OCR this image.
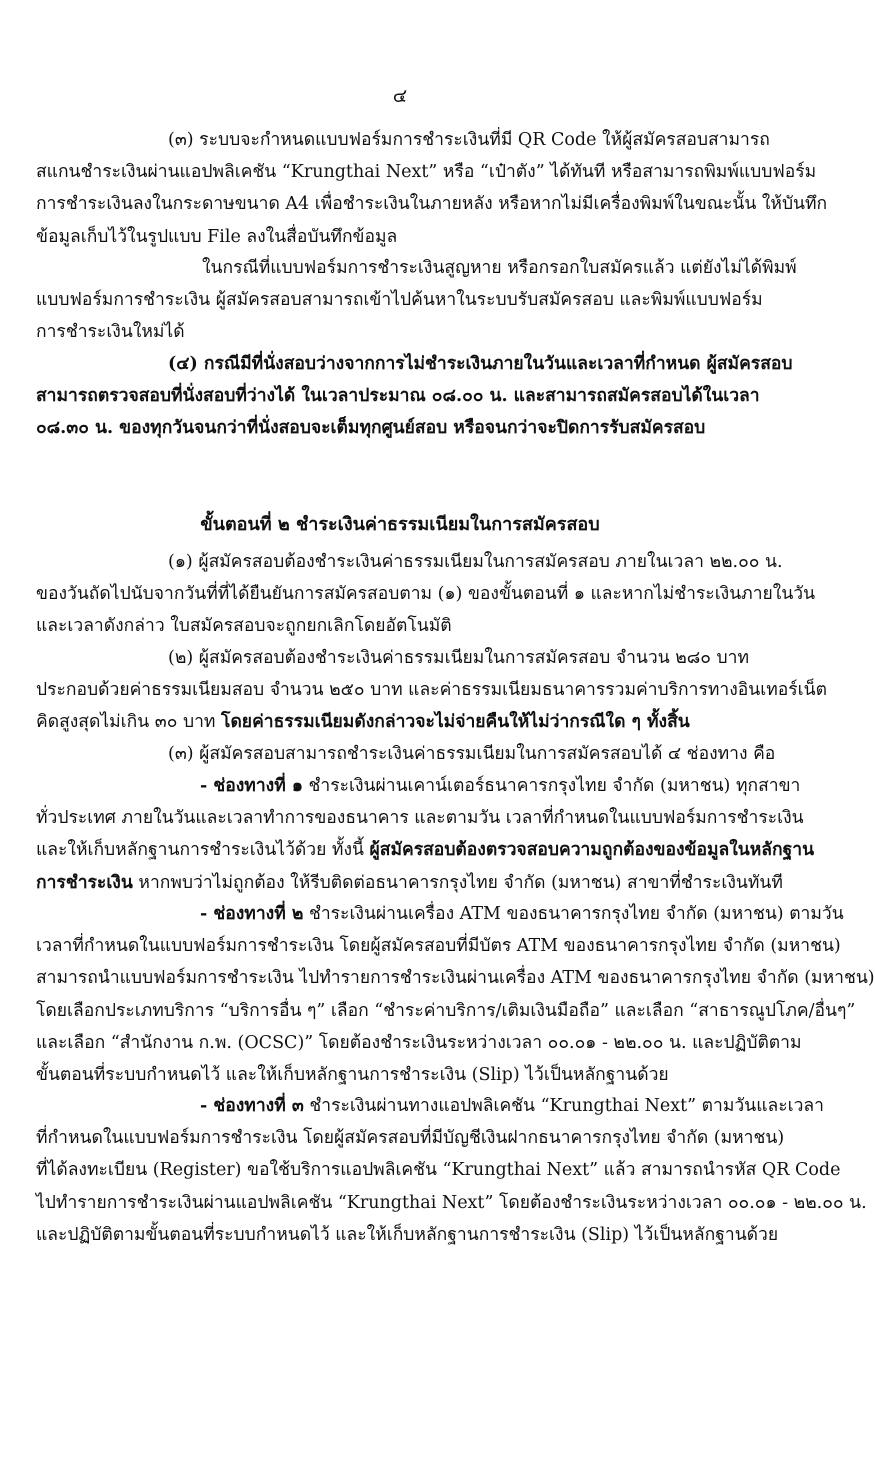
๔
(๓) ระบบจะกำหนดแบบฟอร์มการชำระเงินที่มี QR Code ให้ผู้สมัครสอบสามารถ
สแกนชำระเงินผ่านแอปพลิเคชัน “Krungthai Next” หรือ “เป๋าตัง” ได้ทันที หรือสามารถพิมพ์แบบฟอร์ม
การชำระเงินลงในกระดาษขนาด A4 เพื่อชำระเงินในภายหลัง หรือหากไม่มีเครื่องพิมพ์ในขณะนั้น ให้บันทึก
ข้อมูลเก็บไว้ในรูปแบบ File ลงในสื่อบันทึกข้อมูล
ในกรณีที่แบบฟอร์มการชำระเงินสูญหาย หรือกรอกใบสมัครแล้ว แต่ยังไม่ได้พิมพ์
แบบฟอร์มการชำระเงิน ผู้สมัครสอบสามารถเข้าไปค้นหาในระบบรับสมัครสอบ และพิมพ์แบบฟอร์ม
การชำระเงินใหม่ได้
(๔) กรณีมีที่นั่งสอบว่างจากการไม่ชำระเงินภายในวันและเวลาที่กำหนด ผู้สมัครสอบ
สามารถตรวจสอบที่นั่งสอบที่ว่างได้ ในเวลาประมาณ ๐๘.๐๐ น. และสามารถสมัครสอบได้ในเวลา
๐๘.๓๐ น. ของทุกวันจนกว่าที่นั่งสอบจะเต็มทุกศูนย์สอบ หรือจนกว่าจะปิดการรับสมัครสอบ
ขั้นตอนที่ ๒ ชำระเงินค่าธรรมเนียมในการสมัครสอบ
(๑) ผู้สมัครสอบต้องชำระเงินค่าธรรมเนียมในการสมัครสอบ ภายในเวลา ๒๒.๐๐ น.
ของวันถัดไปนับจากวันที่ที่ได้ยืนยันการสมัครสอบตาม (๑) ของขั้นตอนที่ ๑ และหากไม่ชำระเงินภายในวัน
และเวลาดังกล่าว ใบสมัครสอบจะถูกยกเลิกโดยอัตโนมัติ
(๒) ผู้สมัครสอบต้องชำระเงินค่าธรรมเนียมในการสมัครสอบ จำนวน ๒๘๐ บาท
ประกอบด้วยค่าธรรมเนียมสอบ จำนวน ๒๕๐ บาท และค่าธรรมเนียมธนาคารรวมค่าบริการทางอินเทอร์เน็ต
คิดสูงสุดไม่เกิน ๓๐ บาท โดยค่าธรรมเนียมดังกล่าวจะไม่จ่ายคืนให้ไม่ว่ากรณีใด ๆ ทั้งสิ้น
(๓) ผู้สมัครสอบสามารถชำระเงินค่าธรรมเนียมในการสมัครสอบได้ ๔ ช่องทาง คือ
- ช่องทางที่ ๑ ชำระเงินผ่านเคาน์เตอร์ธนาคารกรุงไทย จำกัด (มหาชน) ทุกสาขา
ทั่วประเทศ ภายในวันและเวลาทำการของธนาคาร และตามวัน เวลาที่กำหนดในแบบฟอร์มการชำระเงิน
และให้เก็บหลักฐานการชำระเงินไว้ด้วย ทั้งนี้ ผู้สมัครสอบต้องตรวจสอบความถูกต้องของข้อมูลในหลักฐาน
การชำระเงิน หากพบว่าไม่ถูกต้อง ให้รีบติดต่อธนาคารกรุงไทย จำกัด (มหาชน) สาขาที่ชำระเงินทันที
- ช่องทางที่ ๒ ชำระเงินผ่านเครื่อง ATM ของธนาคารกรุงไทย จำกัด (มหาชน) ตามวัน
เวลาที่กำหนดในแบบฟอร์มการชำระเงิน โดยผู้สมัครสอบที่มีบัตร ATM ของธนาคารกรุงไทย จำกัด (มหาชน)
สามารถนำแบบฟอร์มการชำระเงิน ไปทำรายการชำระเงินผ่านเครื่อง ATM ของธนาคารกรุงไทย จำกัด (มหาชน)
โดยเลือกประเภทบริการ “บริการอื่น ๆ” เลือก “ชำระค่าบริการ/เติมเงินมือถือ” และเลือก “สาธารณูปโภค/อื่นๆ”
และเลือก “สำนักงาน ก.พ. (OCSC)” โดยต้องชำระเงินระหว่างเวลา ๐๐.๐๑ - ๒๒.๐๐ น. และปฏิบัติตาม
ขั้นตอนที่ระบบกำหนดไว้ และให้เก็บหลักฐานการชำระเงิน (Slip) ไว้เป็นหลักฐานด้วย
- ช่องทางที่ ๓ ชำระเงินผ่านทางแอปพลิเคชัน “Krungthai Next” ตามวันและเวลา
ที่กำหนดในแบบฟอร์มการชำระเงิน โดยผู้สมัครสอบที่มีบัญชีเงินฝากธนาคารกรุงไทย จำกัด (มหาชน)
ที่ได้ลงทะเบียน (Register) ขอใช้บริการแอปพลิเคชัน “Krungthai Next” แล้ว สามารถนำรหัส QR Code
ไปทำรายการชำระเงินผ่านแอปพลิเคชัน “Krungthai Next” โดยต้องชำระเงินระหว่างเวลา ๐๐.๐๑ - ๒๒.๐๐ น.
และปฏิบัติตามขั้นตอนที่ระบบกำหนดไว้ และให้เก็บหลักฐานการชำระเงิน (Slip) ไว้เป็นหลักฐานด้วย
